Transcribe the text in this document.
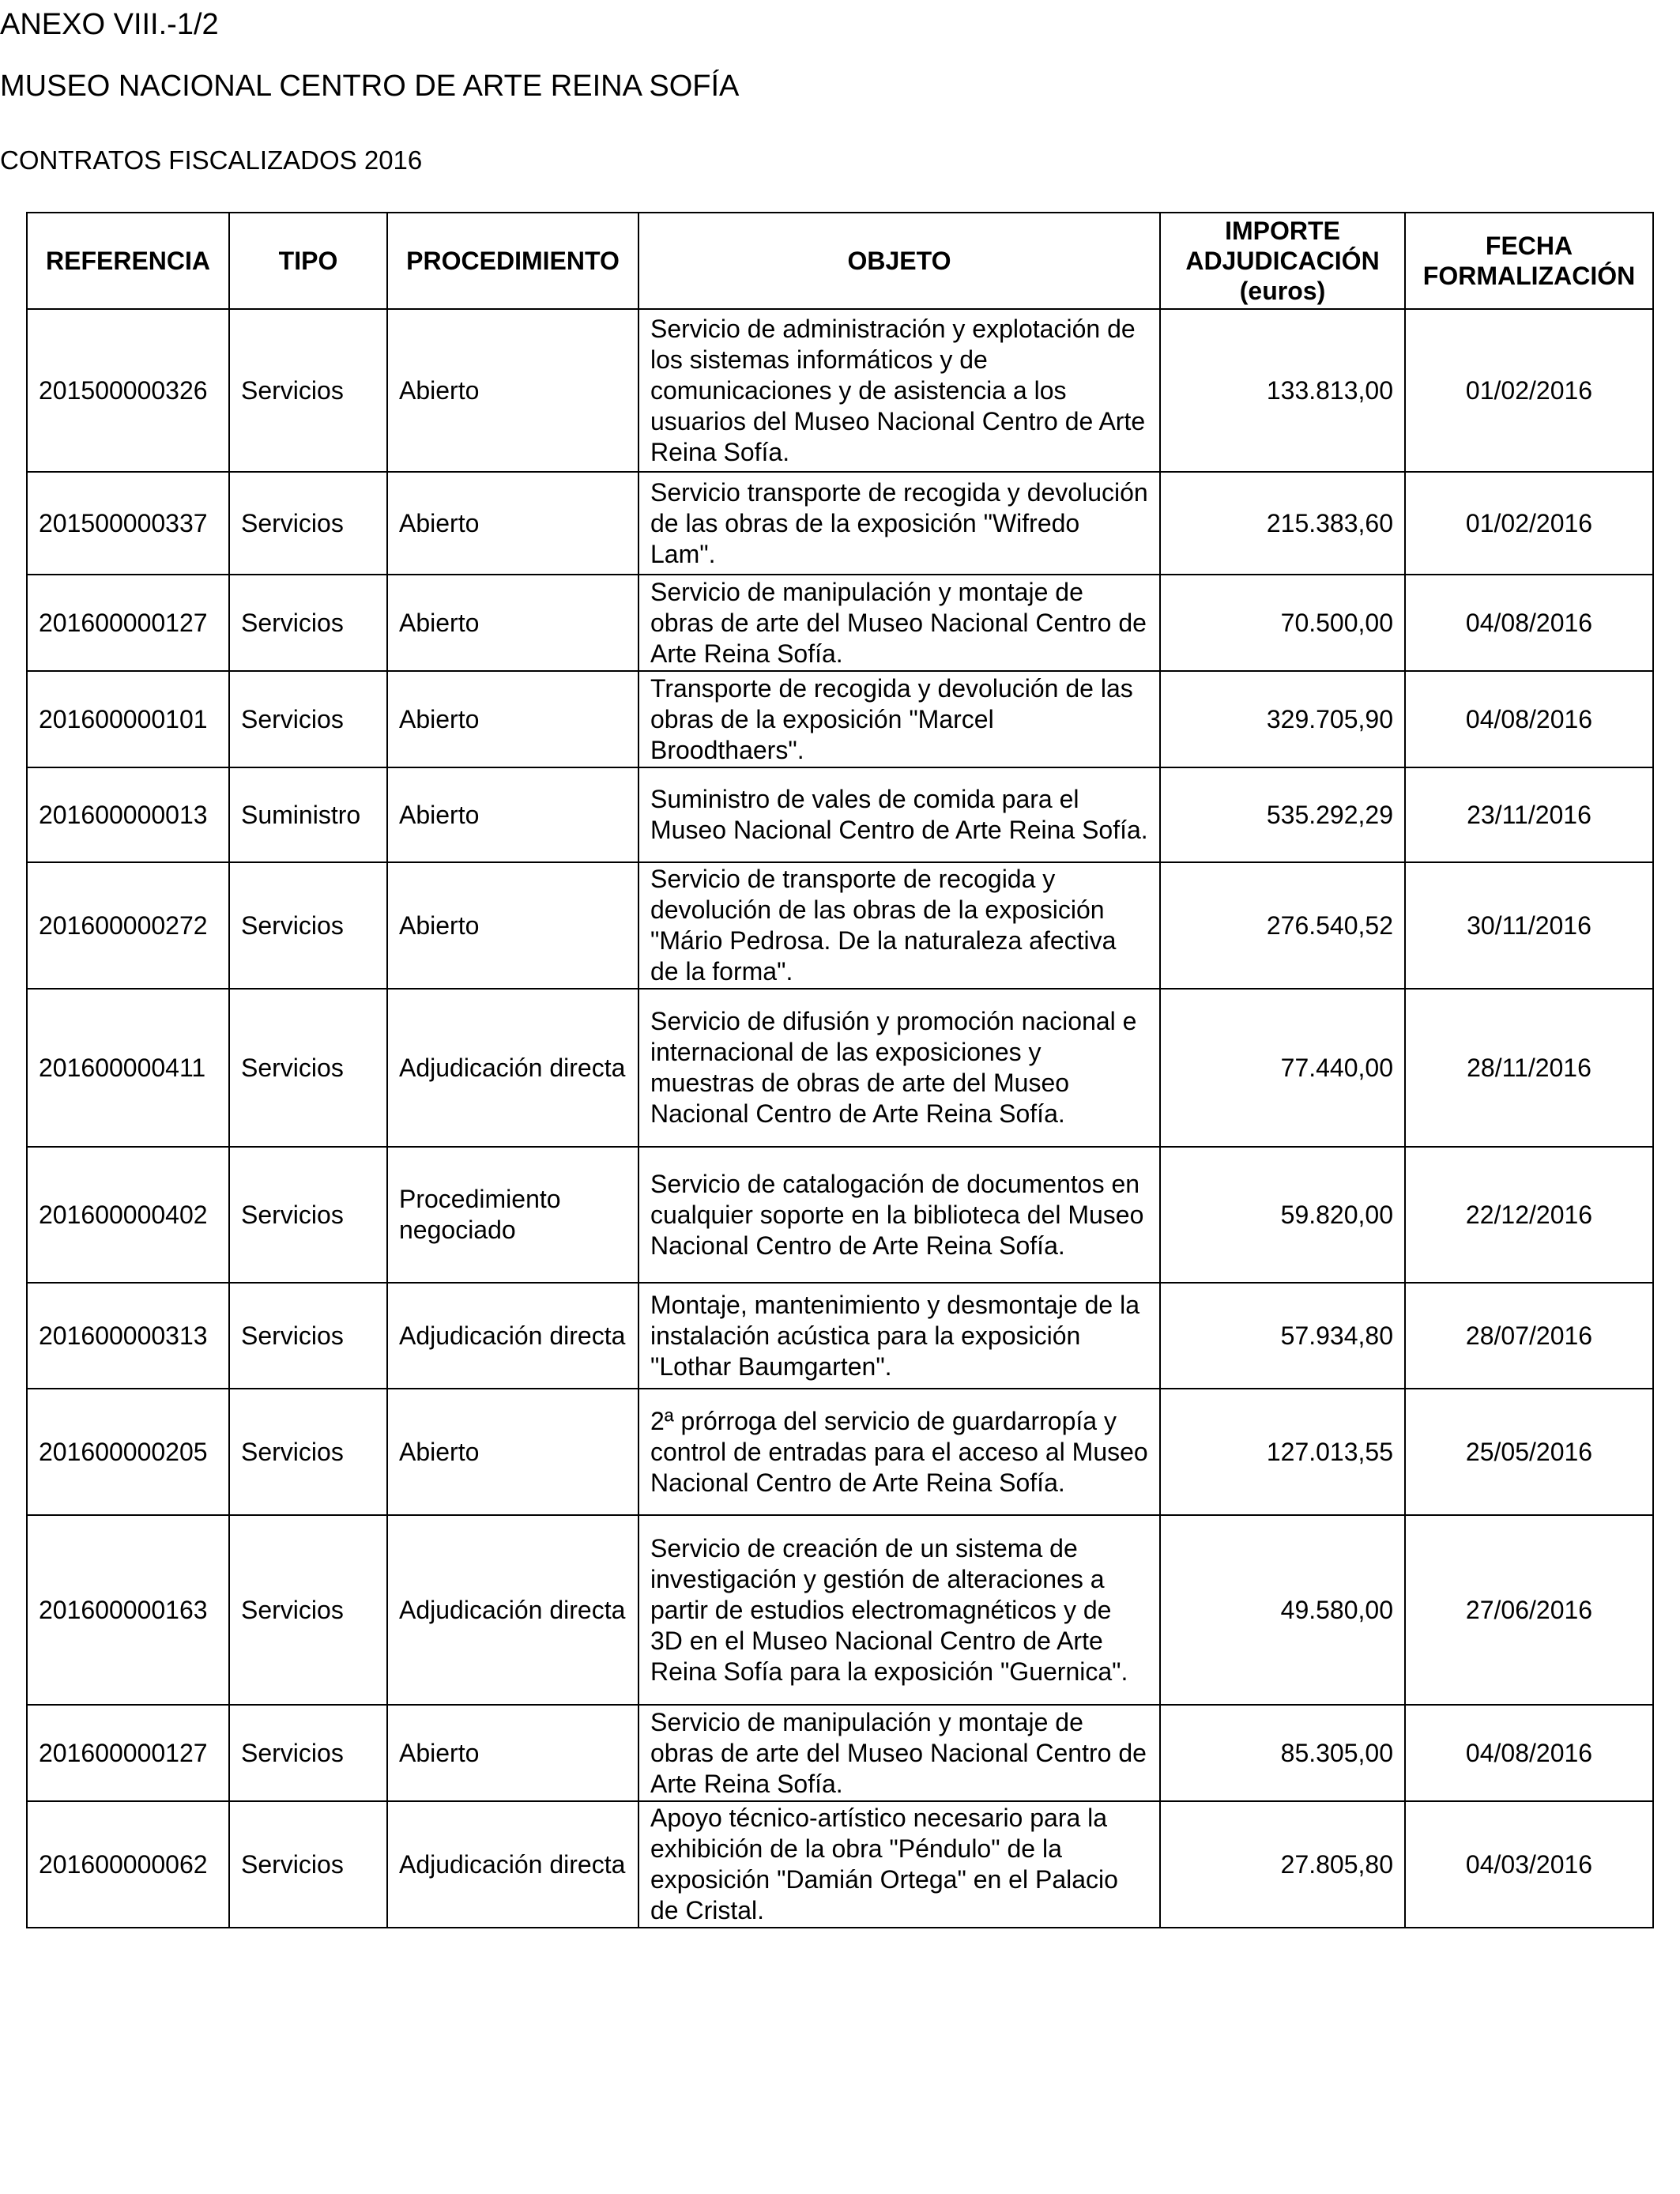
ANEXO VIII.-1/2
MUSEO NACIONAL CENTRO DE ARTE REINA SOFÍA
CONTRATOS FISCALIZADOS 2016
REFERENCIA	TIPO	PROCEDIMIENTO	OBJETO	IMPORTE ADJUDICACIÓN (euros)	FECHA FORMALIZACIÓN
201500000326	Servicios	Abierto	Servicio de administración y explotación de los sistemas informáticos y de comunicaciones y de asistencia a los usuarios del Museo Nacional Centro de Arte Reina Sofía.	133.813,00	01/02/2016
201500000337	Servicios	Abierto	Servicio transporte de recogida y devolución de las obras de la exposición "Wifredo Lam".	215.383,60	01/02/2016
201600000127	Servicios	Abierto	Servicio de manipulación y montaje de obras de arte del Museo Nacional Centro de Arte Reina Sofía.	70.500,00	04/08/2016
201600000101	Servicios	Abierto	Transporte de recogida y devolución de las obras de la exposición "Marcel Broodthaers".	329.705,90	04/08/2016
201600000013	Suministro	Abierto	Suministro de vales de comida para el Museo Nacional Centro de Arte Reina Sofía.	535.292,29	23/11/2016
201600000272	Servicios	Abierto	Servicio de transporte de recogida y devolución de las obras de la exposición "Mário Pedrosa. De la naturaleza afectiva de la forma".	276.540,52	30/11/2016
201600000411	Servicios	Adjudicación directa	Servicio de difusión y promoción nacional e internacional de las exposiciones y muestras de obras de arte del Museo Nacional Centro de Arte Reina Sofía.	77.440,00	28/11/2016
201600000402	Servicios	Procedimiento negociado	Servicio de catalogación de documentos en cualquier soporte en la biblioteca del Museo Nacional Centro de Arte Reina Sofía.	59.820,00	22/12/2016
201600000313	Servicios	Adjudicación directa	Montaje, mantenimiento y desmontaje de la instalación acústica para la exposición "Lothar Baumgarten".	57.934,80	28/07/2016
201600000205	Servicios	Abierto	2ª prórroga del servicio de guardarropía y control de entradas para el acceso al Museo Nacional Centro de Arte Reina Sofía.	127.013,55	25/05/2016
201600000163	Servicios	Adjudicación directa	Servicio de creación de un sistema de investigación y gestión de alteraciones a partir de estudios electromagnéticos y de 3D en el Museo Nacional Centro de Arte Reina Sofía para la exposición "Guernica".	49.580,00	27/06/2016
201600000127	Servicios	Abierto	Servicio de manipulación y montaje de obras de arte del Museo Nacional Centro de Arte Reina Sofía.	85.305,00	04/08/2016
201600000062	Servicios	Adjudicación directa	Apoyo técnico-artístico necesario para la exhibición de la obra "Péndulo" de la exposición "Damián Ortega" en el Palacio de Cristal.	27.805,80	04/03/2016
